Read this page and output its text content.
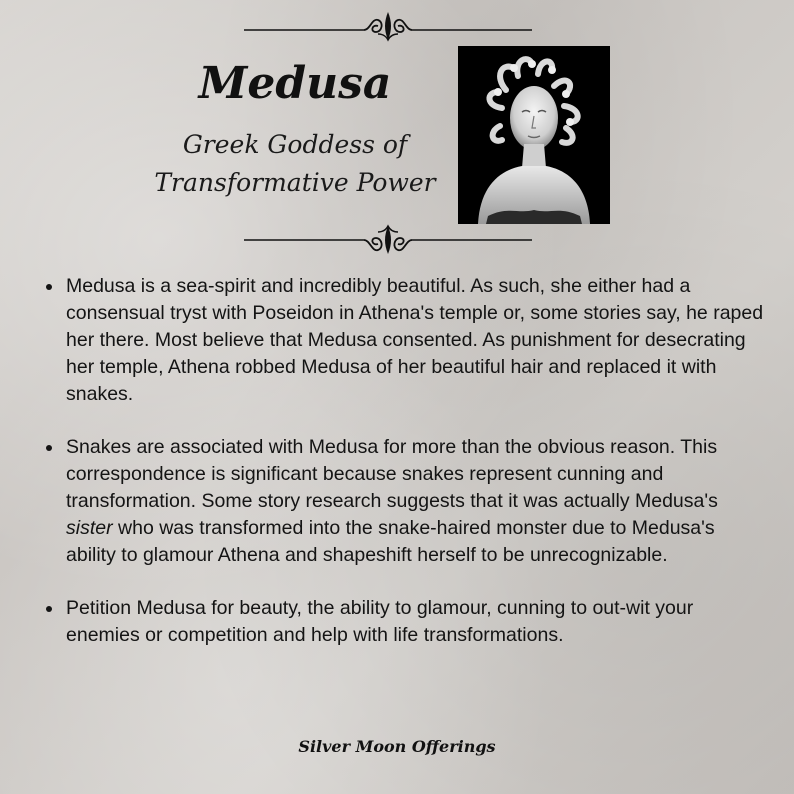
Medusa
Greek Goddess of
Transformative Power

Medusa is a sea-spirit and incredibly beautiful. As such, she either had a consensual tryst with Poseidon in Athena's temple or, some stories say, he raped her there. Most believe that Medusa consented. As punishment for desecrating her temple, Athena robbed Medusa of her beautiful hair and replaced it with snakes.

Snakes are associated with Medusa for more than the obvious reason. This correspondence is significant because snakes represent cunning and transformation. Some story research suggests that it was actually Medusa's sister who was transformed into the snake-haired monster due to Medusa's ability to glamour Athena and shapeshift herself to be unrecognizable.

Petition Medusa for beauty, the ability to glamour, cunning to out-wit your enemies or competition and help with life transformations.

Silver Moon Offerings
